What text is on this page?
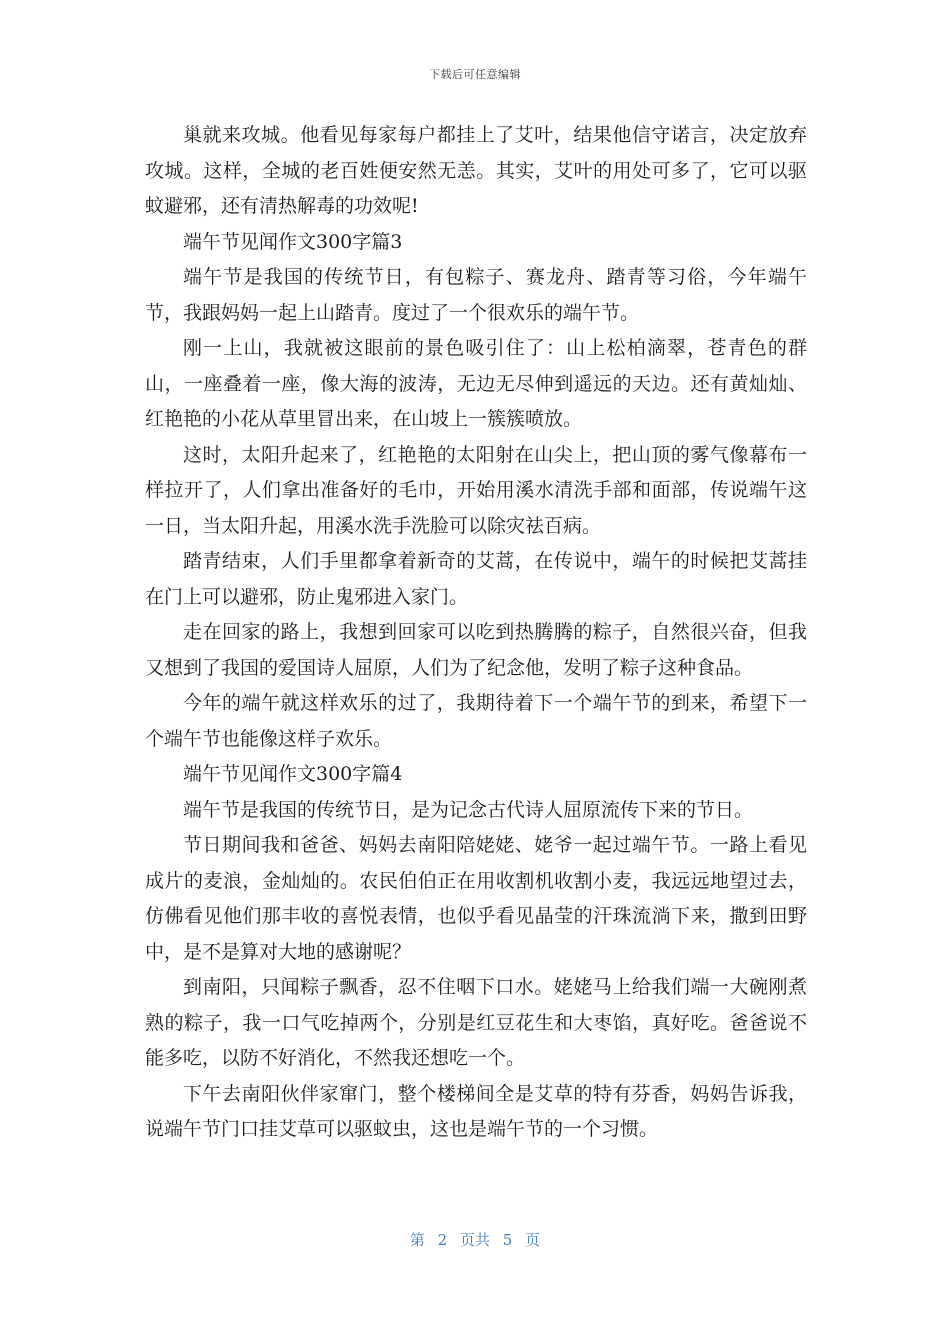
下载后可任意编辑

巢就来攻城。他看见每家每户都挂上了艾叶，结果他信守诺言，决定放弃攻城。这样，全城的老百姓便安然无恙。其实，艾叶的用处可多了，它可以驱蚊避邪，还有清热解毒的功效呢!

端午节见闻作文300字篇3

端午节是我国的传统节日，有包粽子、赛龙舟、踏青等习俗，今年端午节，我跟妈妈一起上山踏青。度过了一个很欢乐的端午节。

刚一上山，我就被这眼前的景色吸引住了：山上松柏滴翠，苍青色的群山，一座叠着一座，像大海的波涛，无边无尽伸到遥远的天边。还有黄灿灿、红艳艳的小花从草里冒出来，在山坡上一簇簇喷放。

这时，太阳升起来了，红艳艳的太阳射在山尖上，把山顶的雾气像幕布一样拉开了，人们拿出准备好的毛巾，开始用溪水清洗手部和面部，传说端午这一日，当太阳升起，用溪水洗手洗脸可以除灾祛百病。

踏青结束，人们手里都拿着新奇的艾蒿，在传说中，端午的时候把艾蒿挂在门上可以避邪，防止鬼邪进入家门。

走在回家的路上，我想到回家可以吃到热腾腾的粽子，自然很兴奋，但我又想到了我国的爱国诗人屈原，人们为了纪念他，发明了粽子这种食品。

今年的端午就这样欢乐的过了，我期待着下一个端午节的到来，希望下一个端午节也能像这样子欢乐。

端午节见闻作文300字篇4

端午节是我国的传统节日，是为记念古代诗人屈原流传下来的节日。

节日期间我和爸爸、妈妈去南阳陪姥姥、姥爷一起过端午节。一路上看见成片的麦浪，金灿灿的。农民伯伯正在用收割机收割小麦，我远远地望过去，仿佛看见他们那丰收的喜悦表情，也似乎看见晶莹的汗珠流淌下来，撒到田野中，是不是算对大地的感谢呢？

到南阳，只闻粽子飘香，忍不住咽下口水。姥姥马上给我们端一大碗刚煮熟的粽子，我一口气吃掉两个，分别是红豆花生和大枣馅，真好吃。爸爸说不能多吃，以防不好消化，不然我还想吃一个。

下午去南阳伙伴家窜门，整个楼梯间全是艾草的特有芬香，妈妈告诉我，说端午节门口挂艾草可以驱蚊虫，这也是端午节的一个习惯。

第 2 页共 5 页
